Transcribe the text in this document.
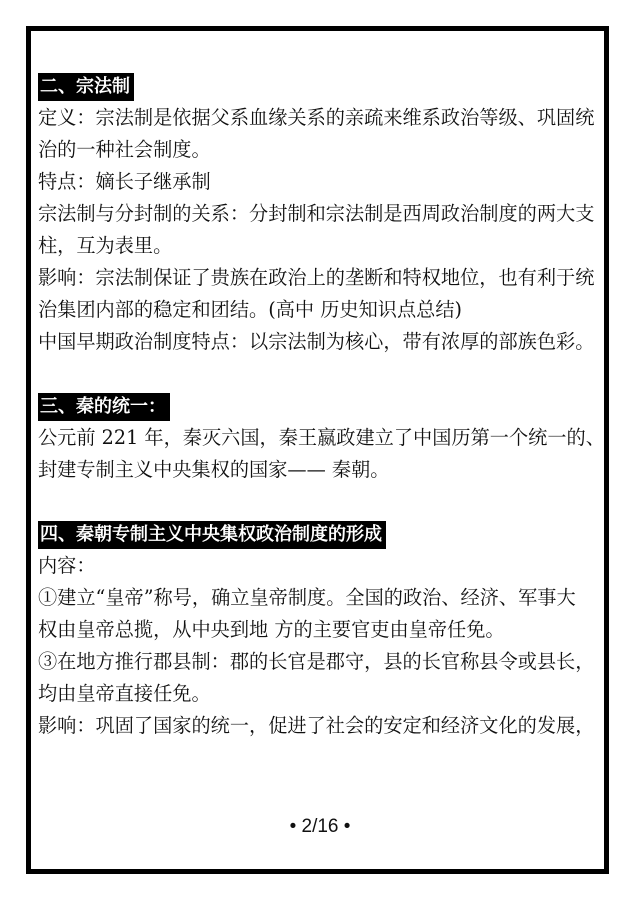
二、宗法制
定义：宗法制是依据父系血缘关系的亲疏来维系政治等级、巩固统
治的一种社会制度。
特点：嫡长子继承制
宗法制与分封制的关系：分封制和宗法制是西周政治制度的两大支
柱，互为表里。
影响：宗法制保证了贵族在政治上的垄断和特权地位，也有利于统
治集团内部的稳定和团结。(高中 历史知识点总结)
中国早期政治制度特点：以宗法制为核心，带有浓厚的部族色彩。
三、秦的统一：
公元前 221 年，秦灭六国，秦王嬴政建立了中国历第一个统一的、
封建专制主义中央集权的国家—— 秦朝。
四、秦朝专制主义中央集权政治制度的形成
内容：
①建立“皇帝”称号，确立皇帝制度。全国的政治、经济、军事大
权由皇帝总揽，从中央到地 方的主要官吏由皇帝任免。
③在地方推行郡县制：郡的长官是郡守，县的长官称县令或县长，
均由皇帝直接任免。
影响：巩固了国家的统一，促进了社会的安定和经济文化的发展，
• 2/16 •
